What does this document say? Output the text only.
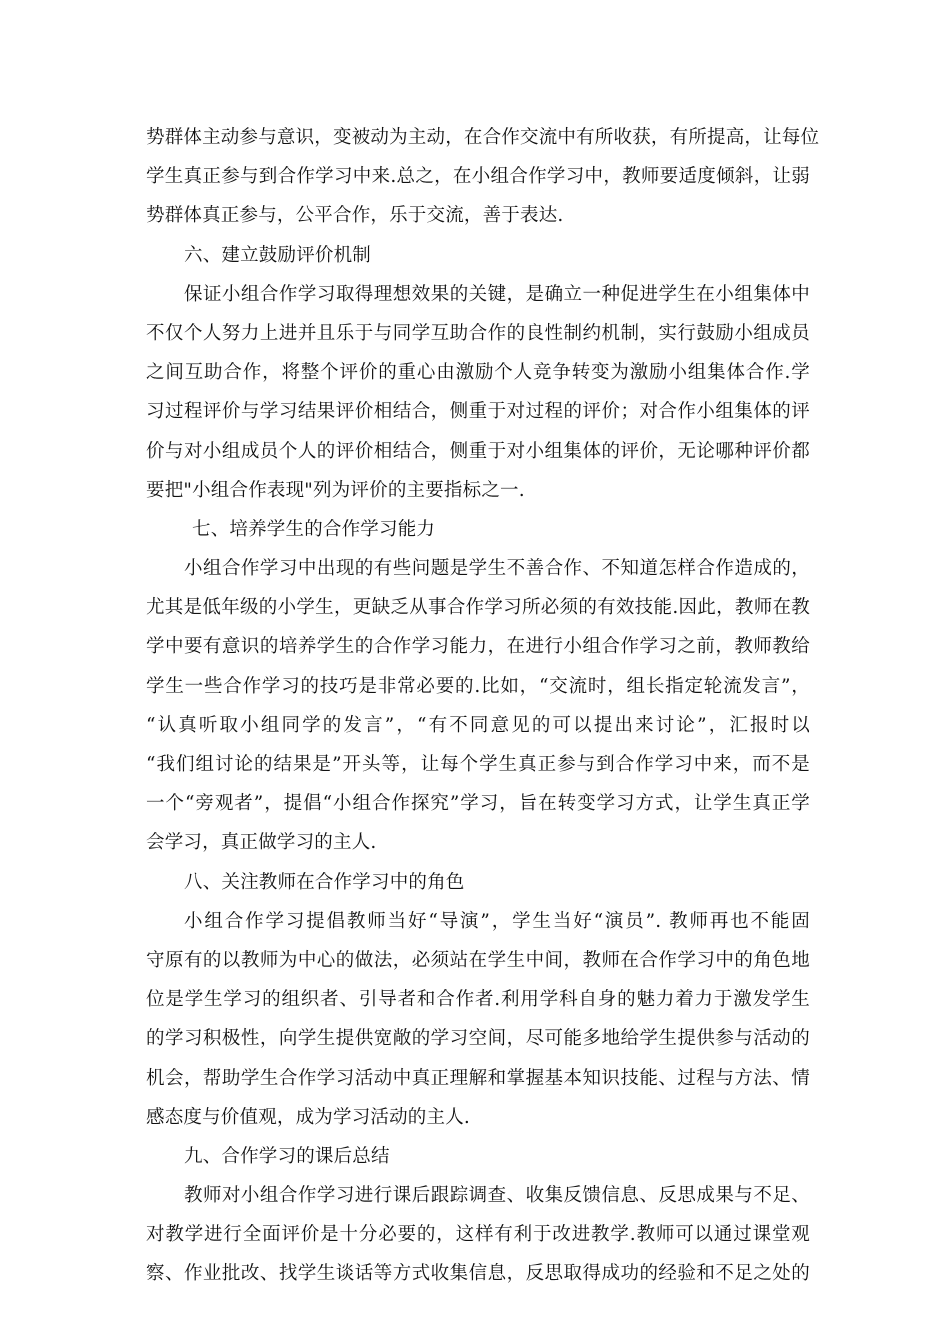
势群体主动参与意识，变被动为主动，在合作交流中有所收获，有所提高，让每位
学生真正参与到合作学习中来.总之，在小组合作学习中，教师要适度倾斜，让弱
势群体真正参与，公平合作，乐于交流，善于表达.
六、建立鼓励评价机制
保证小组合作学习取得理想效果的关键，是确立一种促进学生在小组集体中
不仅个人努力上进并且乐于与同学互助合作的良性制约机制，实行鼓励小组成员
之间互助合作，将整个评价的重心由激励个人竞争转变为激励小组集体合作.学
习过程评价与学习结果评价相结合，侧重于对过程的评价；对合作小组集体的评
价与对小组成员个人的评价相结合，侧重于对小组集体的评价，无论哪种评价都
要把"小组合作表现"列为评价的主要指标之一.
七、培养学生的合作学习能力
小组合作学习中出现的有些问题是学生不善合作、不知道怎样合作造成的，
尤其是低年级的小学生，更缺乏从事合作学习所必须的有效技能.因此，教师在教
学中要有意识的培养学生的合作学习能力，在进行小组合作学习之前，教师教给
学生一些合作学习的技巧是非常必要的.比如，“交流时，组长指定轮流发言”，
“认真听取小组同学的发言”，“有不同意见的可以提出来讨论”，汇报时以
“我们组讨论的结果是”开头等，让每个学生真正参与到合作学习中来，而不是
一个“旁观者”，提倡“小组合作探究”学习，旨在转变学习方式，让学生真正学
会学习，真正做学习的主人.
八、关注教师在合作学习中的角色
小组合作学习提倡教师当好“导演”，学生当好“演员”. 教师再也不能固
守原有的以教师为中心的做法，必须站在学生中间，教师在合作学习中的角色地
位是学生学习的组织者、引导者和合作者.利用学科自身的魅力着力于激发学生
的学习积极性，向学生提供宽敞的学习空间，尽可能多地给学生提供参与活动的
机会，帮助学生合作学习活动中真正理解和掌握基本知识技能、过程与方法、情
感态度与价值观，成为学习活动的主人.
九、合作学习的课后总结
教师对小组合作学习进行课后跟踪调查、收集反馈信息、反思成果与不足、
对教学进行全面评价是十分必要的，这样有利于改进教学.教师可以通过课堂观
察、作业批改、找学生谈话等方式收集信息，反思取得成功的经验和不足之处的
